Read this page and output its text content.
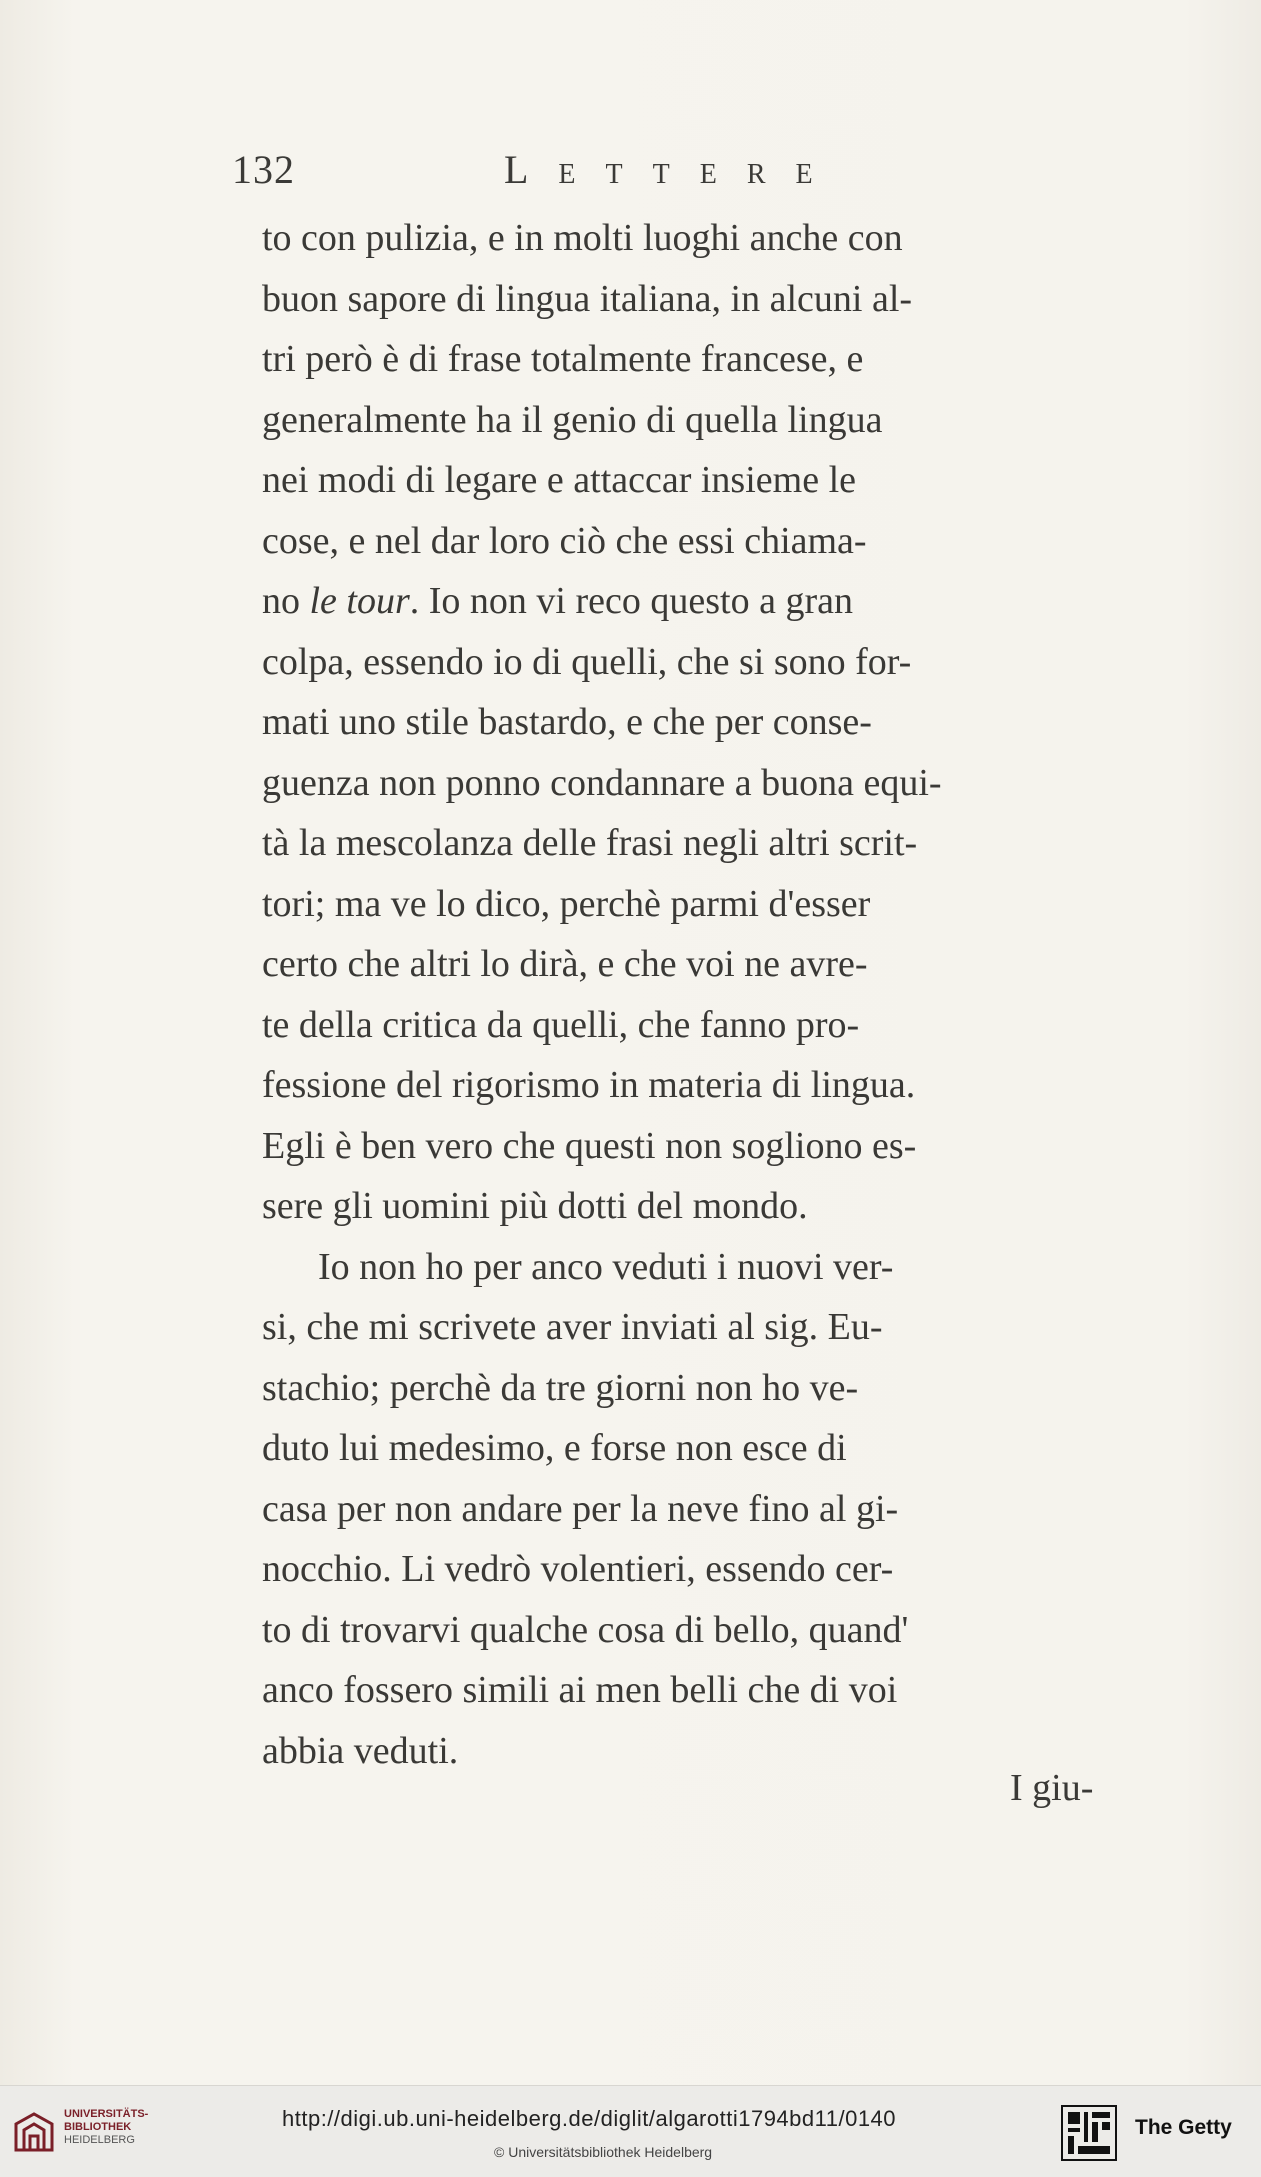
132	Lettere
to con pulizia, e in molti luoghi anche con
buon sapore di lingua italiana, in alcuni al-
tri però è di frase totalmente francese, e
generalmente ha il genio di quella lingua
nei modi di legare e attaccar insieme le
cose, e nel dar loro ciò che essi chiama-
no le tour. Io non vi reco questo a gran
colpa, essendo io di quelli, che si sono for-
mati uno stile bastardo, e che per conse-
guenza non ponno condannare a buona equi-
tà la mescolanza delle frasi negli altri scrit-
tori; ma ve lo dico, perchè parmi d'esser
certo che altri lo dirà, e che voi ne avre-
te della critica da quelli, che fanno pro-
fessione del rigorismo in materia di lingua.
Egli è ben vero che questi non sogliono es-
sere gli uomini più dotti del mondo.
Io non ho per anco veduti i nuovi ver-
si, che mi scrivete aver inviati al sig. Eu-
stachio; perchè da tre giorni non ho ve-
duto lui medesimo, e forse non esce di
casa per non andare per la neve fino al gi-
nocchio. Li vedrò volentieri, essendo cer-
to di trovarvi qualche cosa di bello, quand'
anco fossero simili ai men belli che di voi
abbia veduti.
I giu-
UNIVERSITÄTS-
BIBLIOTHEK
HEIDELBERG
http://digi.ub.uni-heidelberg.de/diglit/algarotti1794bd11/0140
© Universitätsbibliothek Heidelberg
The Getty
